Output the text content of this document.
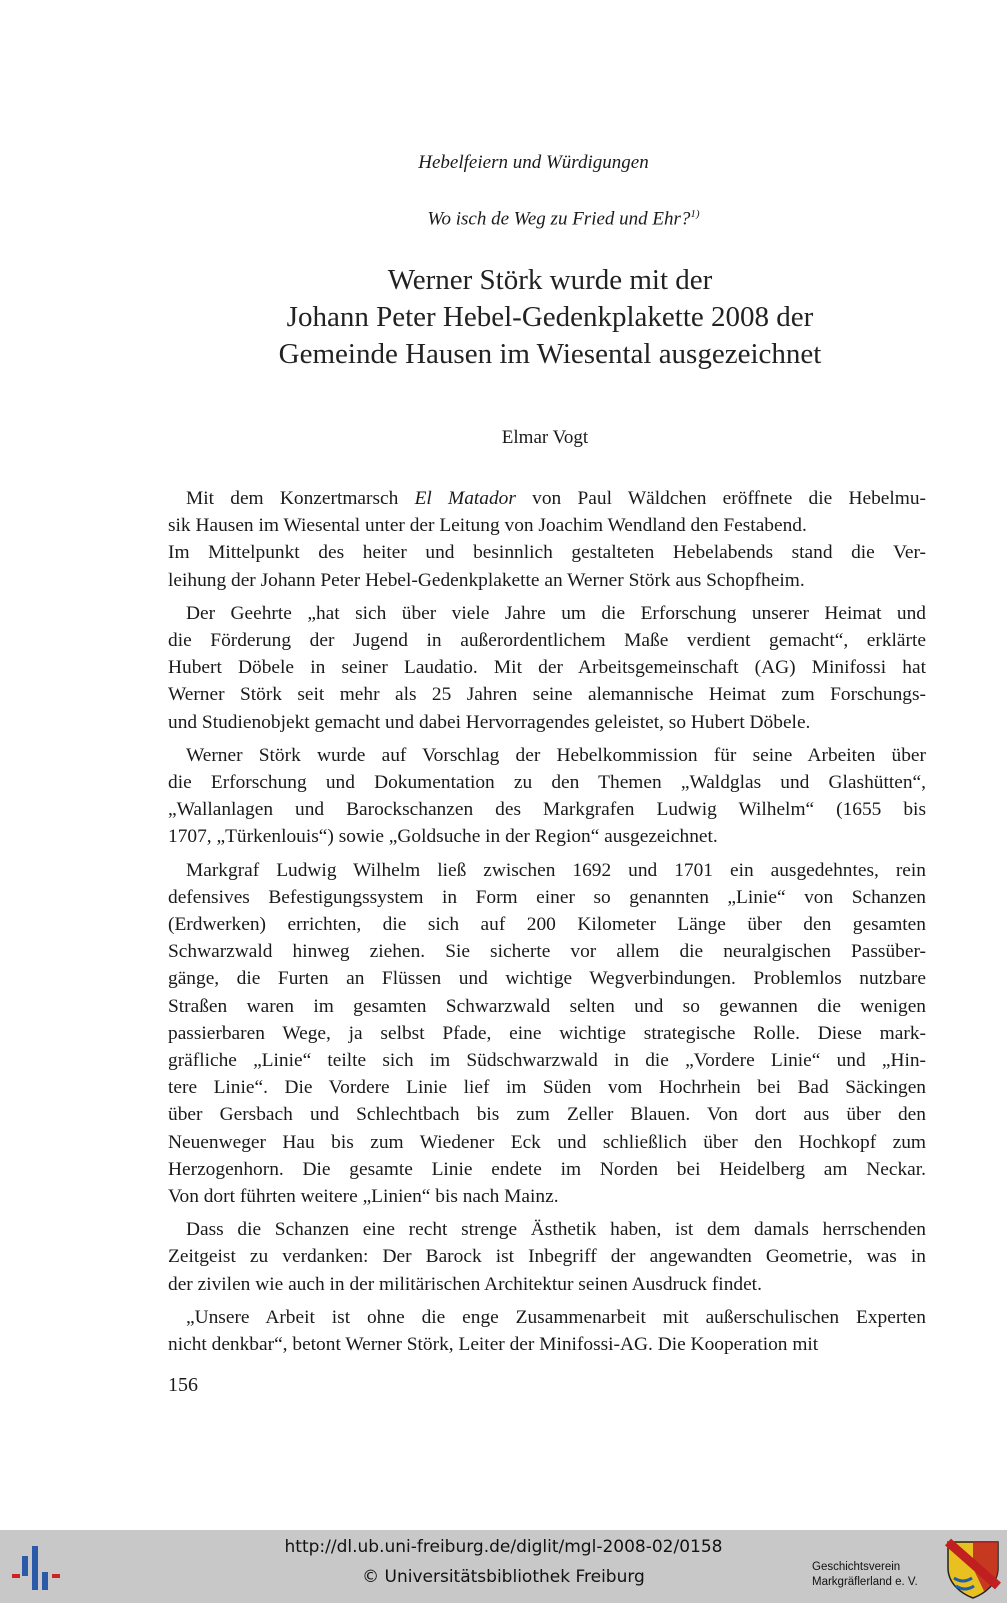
Hebelfeiern und Würdigungen
Wo isch de Weg zu Fried und Ehr?$^{1)}$
Werner Störk wurde mit der
Johann Peter Hebel-Gedenkplakette 2008 der
Gemeinde Hausen im Wiesental ausgezeichnet
Elmar Vogt
Mit dem Konzertmarsch El Matador von Paul Wäldchen eröffnete die Hebelmu-
sik Hausen im Wiesental unter der Leitung von Joachim Wendland den Festabend.
Im Mittelpunkt des heiter und besinnlich gestalteten Hebelabends stand die Ver-
leihung der Johann Peter Hebel-Gedenkplakette an Werner Störk aus Schopfheim.
Der Geehrte „hat sich über viele Jahre um die Erforschung unserer Heimat und
die Förderung der Jugend in außerordentlichem Maße verdient gemacht“, erklärte
Hubert Döbele in seiner Laudatio. Mit der Arbeitsgemeinschaft (AG) Minifossi hat
Werner Störk seit mehr als 25 Jahren seine alemannische Heimat zum Forschungs-
und Studienobjekt gemacht und dabei Hervorragendes geleistet, so Hubert Döbele.
Werner Störk wurde auf Vorschlag der Hebelkommission für seine Arbeiten über
die Erforschung und Dokumentation zu den Themen „Waldglas und Glashütten“,
„Wallanlagen und Barockschanzen des Markgrafen Ludwig Wilhelm“ (1655 bis
1707, „Türkenlouis“) sowie „Goldsuche in der Region“ ausgezeichnet.
Markgraf Ludwig Wilhelm ließ zwischen 1692 und 1701 ein ausgedehntes, rein
defensives Befestigungssystem in Form einer so genannten „Linie“ von Schanzen
(Erdwerken) errichten, die sich auf 200 Kilometer Länge über den gesamten
Schwarzwald hinweg ziehen. Sie sicherte vor allem die neuralgischen Passüber-
gänge, die Furten an Flüssen und wichtige Wegverbindungen. Problemlos nutzbare
Straßen waren im gesamten Schwarzwald selten und so gewannen die wenigen
passierbaren Wege, ja selbst Pfade, eine wichtige strategische Rolle. Diese mark-
gräfliche „Linie“ teilte sich im Südschwarzwald in die „Vordere Linie“ und „Hin-
tere Linie“. Die Vordere Linie lief im Süden vom Hochrhein bei Bad Säckingen
über Gersbach und Schlechtbach bis zum Zeller Blauen. Von dort aus über den
Neuenweger Hau bis zum Wiedener Eck und schließlich über den Hochkopf zum
Herzogenhorn. Die gesamte Linie endete im Norden bei Heidelberg am Neckar.
Von dort führten weitere „Linien“ bis nach Mainz.
Dass die Schanzen eine recht strenge Ästhetik haben, ist dem damals herrschenden
Zeitgeist zu verdanken: Der Barock ist Inbegriff der angewandten Geometrie, was in
der zivilen wie auch in der militärischen Architektur seinen Ausdruck findet.
„Unsere Arbeit ist ohne die enge Zusammenarbeit mit außerschulischen Experten
nicht denkbar“, betont Werner Störk, Leiter der Minifossi-AG. Die Kooperation mit
156
http://dl.ub.uni-freiburg.de/diglit/mgl-2008-02/0158
© Universitätsbibliothek Freiburg	Geschichtsverein
Markgräflerland e. V.
